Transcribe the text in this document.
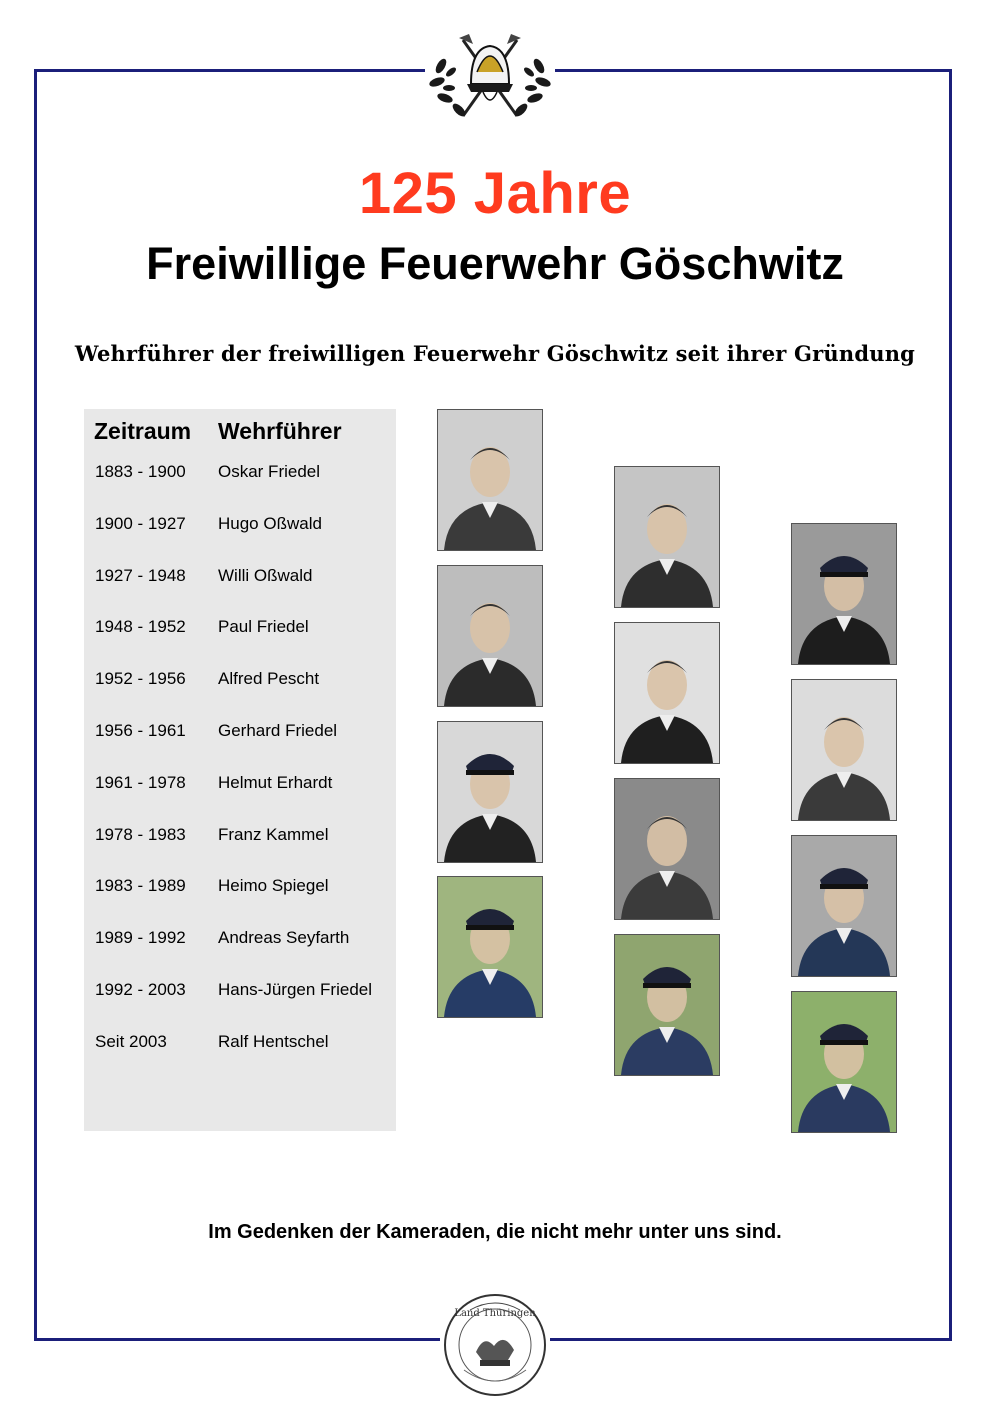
125 Jahre
Freiwillige Feuerwehr Göschwitz
Wehrführer der freiwilligen Feuerwehr Göschwitz seit ihrer Gründung
Zeitraum Wehrführer
1883 - 1900 Oskar Friedel
1900 - 1927 Hugo Oßwald
1927 - 1948 Willi Oßwald
1948 - 1952 Paul Friedel
1952 - 1956 Alfred Pescht
1956 - 1961 Gerhard Friedel
1961 - 1978 Helmut Erhardt
1978 - 1983 Franz Kammel
1983 - 1989 Heimo Spiegel
1989 - 1992 Andreas Seyfarth
1992 - 2003 Hans-Jürgen Friedel
Seit 2003	Ralf Hentschel
Im Gedenken der Kameraden, die nicht mehr unter uns sind.
Land Thüringen
